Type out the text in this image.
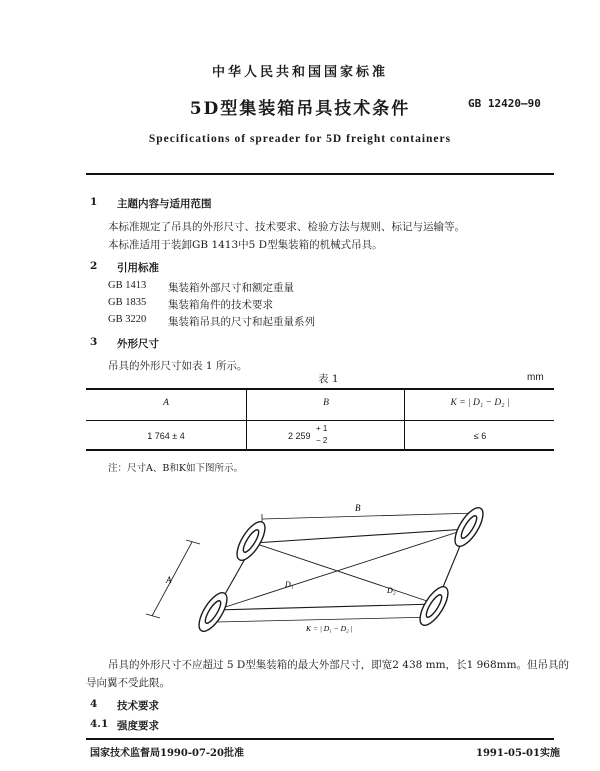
中华人民共和国国家标准
5D型集装箱吊具技术条件	GB 12420—90
Specifications of spreader for 5D freight containers
1 主题内容与适用范围
本标准规定了吊具的外形尺寸、技术要求、检验方法与规则、标记与运输等。
本标准适用于装卸GB 1413中5 D型集装箱的机械式吊具。
2 引用标准
GB 1413 集装箱外部尺寸和额定重量
GB 1835 集装箱角件的技术要求
GB 3220 集装箱吊具的尺寸和起重量系列
3 外形尺寸
吊具的外形尺寸如表 1 所示。
表 1	mm
A	B	K = | D₁ − D₂ |
1 764 ± 4	2 259
+ 1
− 2	≤ 6
注：尺寸A、B和K如下图所示。
B
A	D₁
D₂
K = | D₁ − D₂ |
吊具的外形尺寸不应超过 5 D型集装箱的最大外部尺寸，即宽2 438 mm，长1 968mm。但吊具的
导向翼不受此限。
4 技术要求
4.1 强度要求
国家技术监督局1990-07-20批准	1991-05-01实施
